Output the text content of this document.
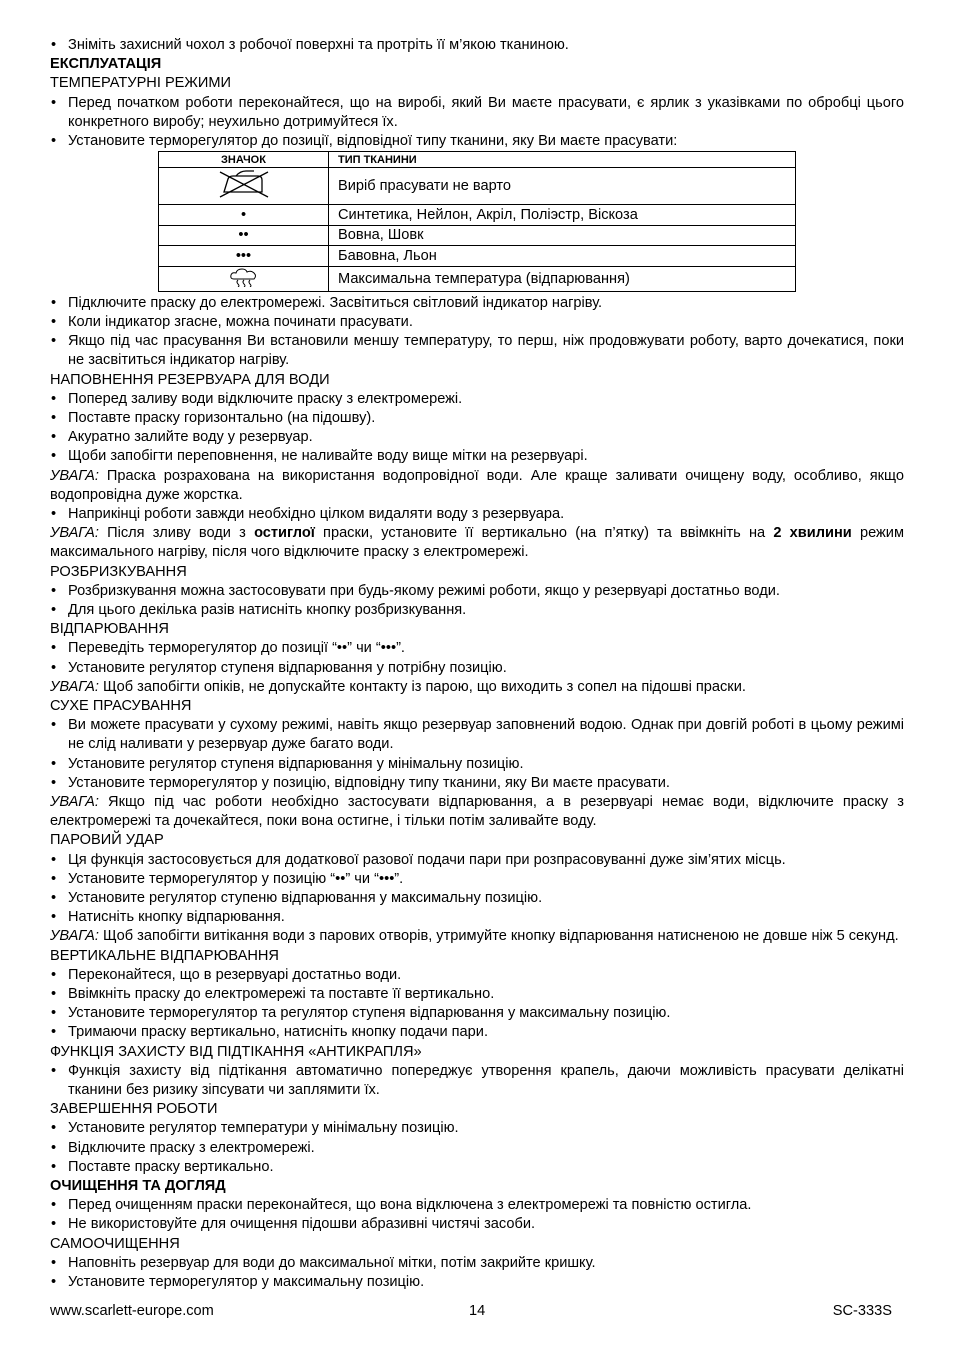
• Зніміть захисний чохол з робочої поверхні та протріть її м’якою тканиною.

ЕКСПЛУАТАЦІЯ

ТЕМПЕРАТУРНІ РЕЖИМИ

• Перед початком роботи переконайтеся, що на виробі, який Ви маєте прасувати, є ярлик з указівками по обробці цього конкретного виробу; неухильно дотримуйтеся їх.

• Установите терморегулятор до позиції, відповідної типу тканини, яку Ви маєте прасувати:

ЗНАЧОК	ТИП ТКАНИНИ
	Виріб прасувати не варто
•	Синтетика, Нейлон, Акріл, Поліэстр, Віскоза
••	Вовна, Шовк
•••	Бавовна, Льон
	Максимальна температура (відпарювання)

• Підключите праску до електромережі. Засвітиться світловий індикатор нагріву.

• Коли індикатор згасне, можна починати прасувати.

• Якщо під час прасування Ви встановили меншу температуру, то перш, ніж продовжувати роботу, варто дочекатися, поки не засвітиться індикатор нагріву.

НАПОВНЕННЯ РЕЗЕРВУАРА ДЛЯ ВОДИ

• Поперед заливу води відключите праску з електромережі.

• Поставте праску горизонтально (на підошву).

• Акуратно залийте воду у резервуар.

• Щоби запобігти переповнення, не наливайте воду вище мітки на резервуарі.

УВАГА: Праска розрахована на використання водопровідної води. Але краще заливати очищену воду, особливо, якщо водопровідна дуже жорстка.

• Наприкінці роботи завжди необхідно цілком видаляти воду з резервуара.

УВАГА: Після зливу води з остиглої праски, установите її вертикально (на п’ятку) та ввімкніть на 2 хвилини режим максимального нагріву, після чого відключите праску з електромережі.

РОЗБРИЗКУВАННЯ

• Розбризкування можна застосовувати при будь-якому режимі роботи, якщо у резервуарі достатньо води.

• Для цього декілька разів натисніть кнопку розбризкування.

ВІДПАРЮВАННЯ

• Переведіть терморегулятор до позиції “••” чи “•••”.

• Установите регулятор ступеня відпарювання у потрібну позицію.

УВАГА: Щоб запобігти опіків, не допускайте контакту із парою, що виходить з сопел на підошві праски.

СУХЕ ПРАСУВАННЯ

• Ви можете прасувати у сухому режимі, навіть якщо резервуар заповнений водою. Однак при довгій роботі в цьому режимі не слід наливати у резервуар дуже багато води.

• Установите регулятор ступеня відпарювання у мінімальну позицію.

• Установите терморегулятор у позицію, відповідну типу тканини, яку Ви маєте прасувати.

УВАГА: Якщо під час роботи необхідно застосувати відпарювання, а в резервуарі немає води, відключите праску з електромережі та дочекайтеся, поки вона остигне, і тільки потім заливайте воду.

ПАРОВИЙ УДАР

• Ця функція застосовується для додаткової разової подачи пари при розпрасовуванні дуже зім’ятих місць.

• Установите терморегулятор у позицію “••” чи “•••”.

• Установите регулятор ступеню відпарювання у максимальну позицію.

• Натисніть кнопку відпарювання.

УВАГА: Щоб запобігти витікання води з парових отворів, утримуйте кнопку відпарювання натисненою не довше ніж 5 секунд.

ВЕРТИКАЛЬНЕ ВІДПАРЮВАННЯ

• Переконайтеся, що в резервуарі достатньо води.

• Ввімкніть праску до електромережі та поставте її вертикально.

• Установите терморегулятор та регулятор ступеня відпарювання у максимальну позицію.

• Тримаючи праску вертикально, натисніть кнопку подачи пари.

ФУНКЦІЯ ЗАХИСТУ ВІД ПІДТІКАННЯ «АНТИКРАПЛЯ»

• Функція захисту від підтікання автоматично попереджує утворення крапель, даючи можливість прасувати делікатні тканини без ризику зіпсувати чи заплямити їх.

ЗАВЕРШЕННЯ РОБОТИ

• Установите регулятор температури у мінімальну позицію.

• Відключите праску з електромережі.

• Поставте праску вертикально.

ОЧИЩЕННЯ ТА ДОГЛЯД

• Перед очищенням праски переконайтеся, що вона відключена з електромережі та повністю остигла.

• Не використовуйте для очищення підошви абразивні чистячі засоби.

САМООЧИЩЕННЯ

• Наповніть резервуар для води до максимальної мітки, потім закрийте кришку.

• Установите терморегулятор у максимальну позицію.

www.scarlett-europe.com	14	SC-333S
